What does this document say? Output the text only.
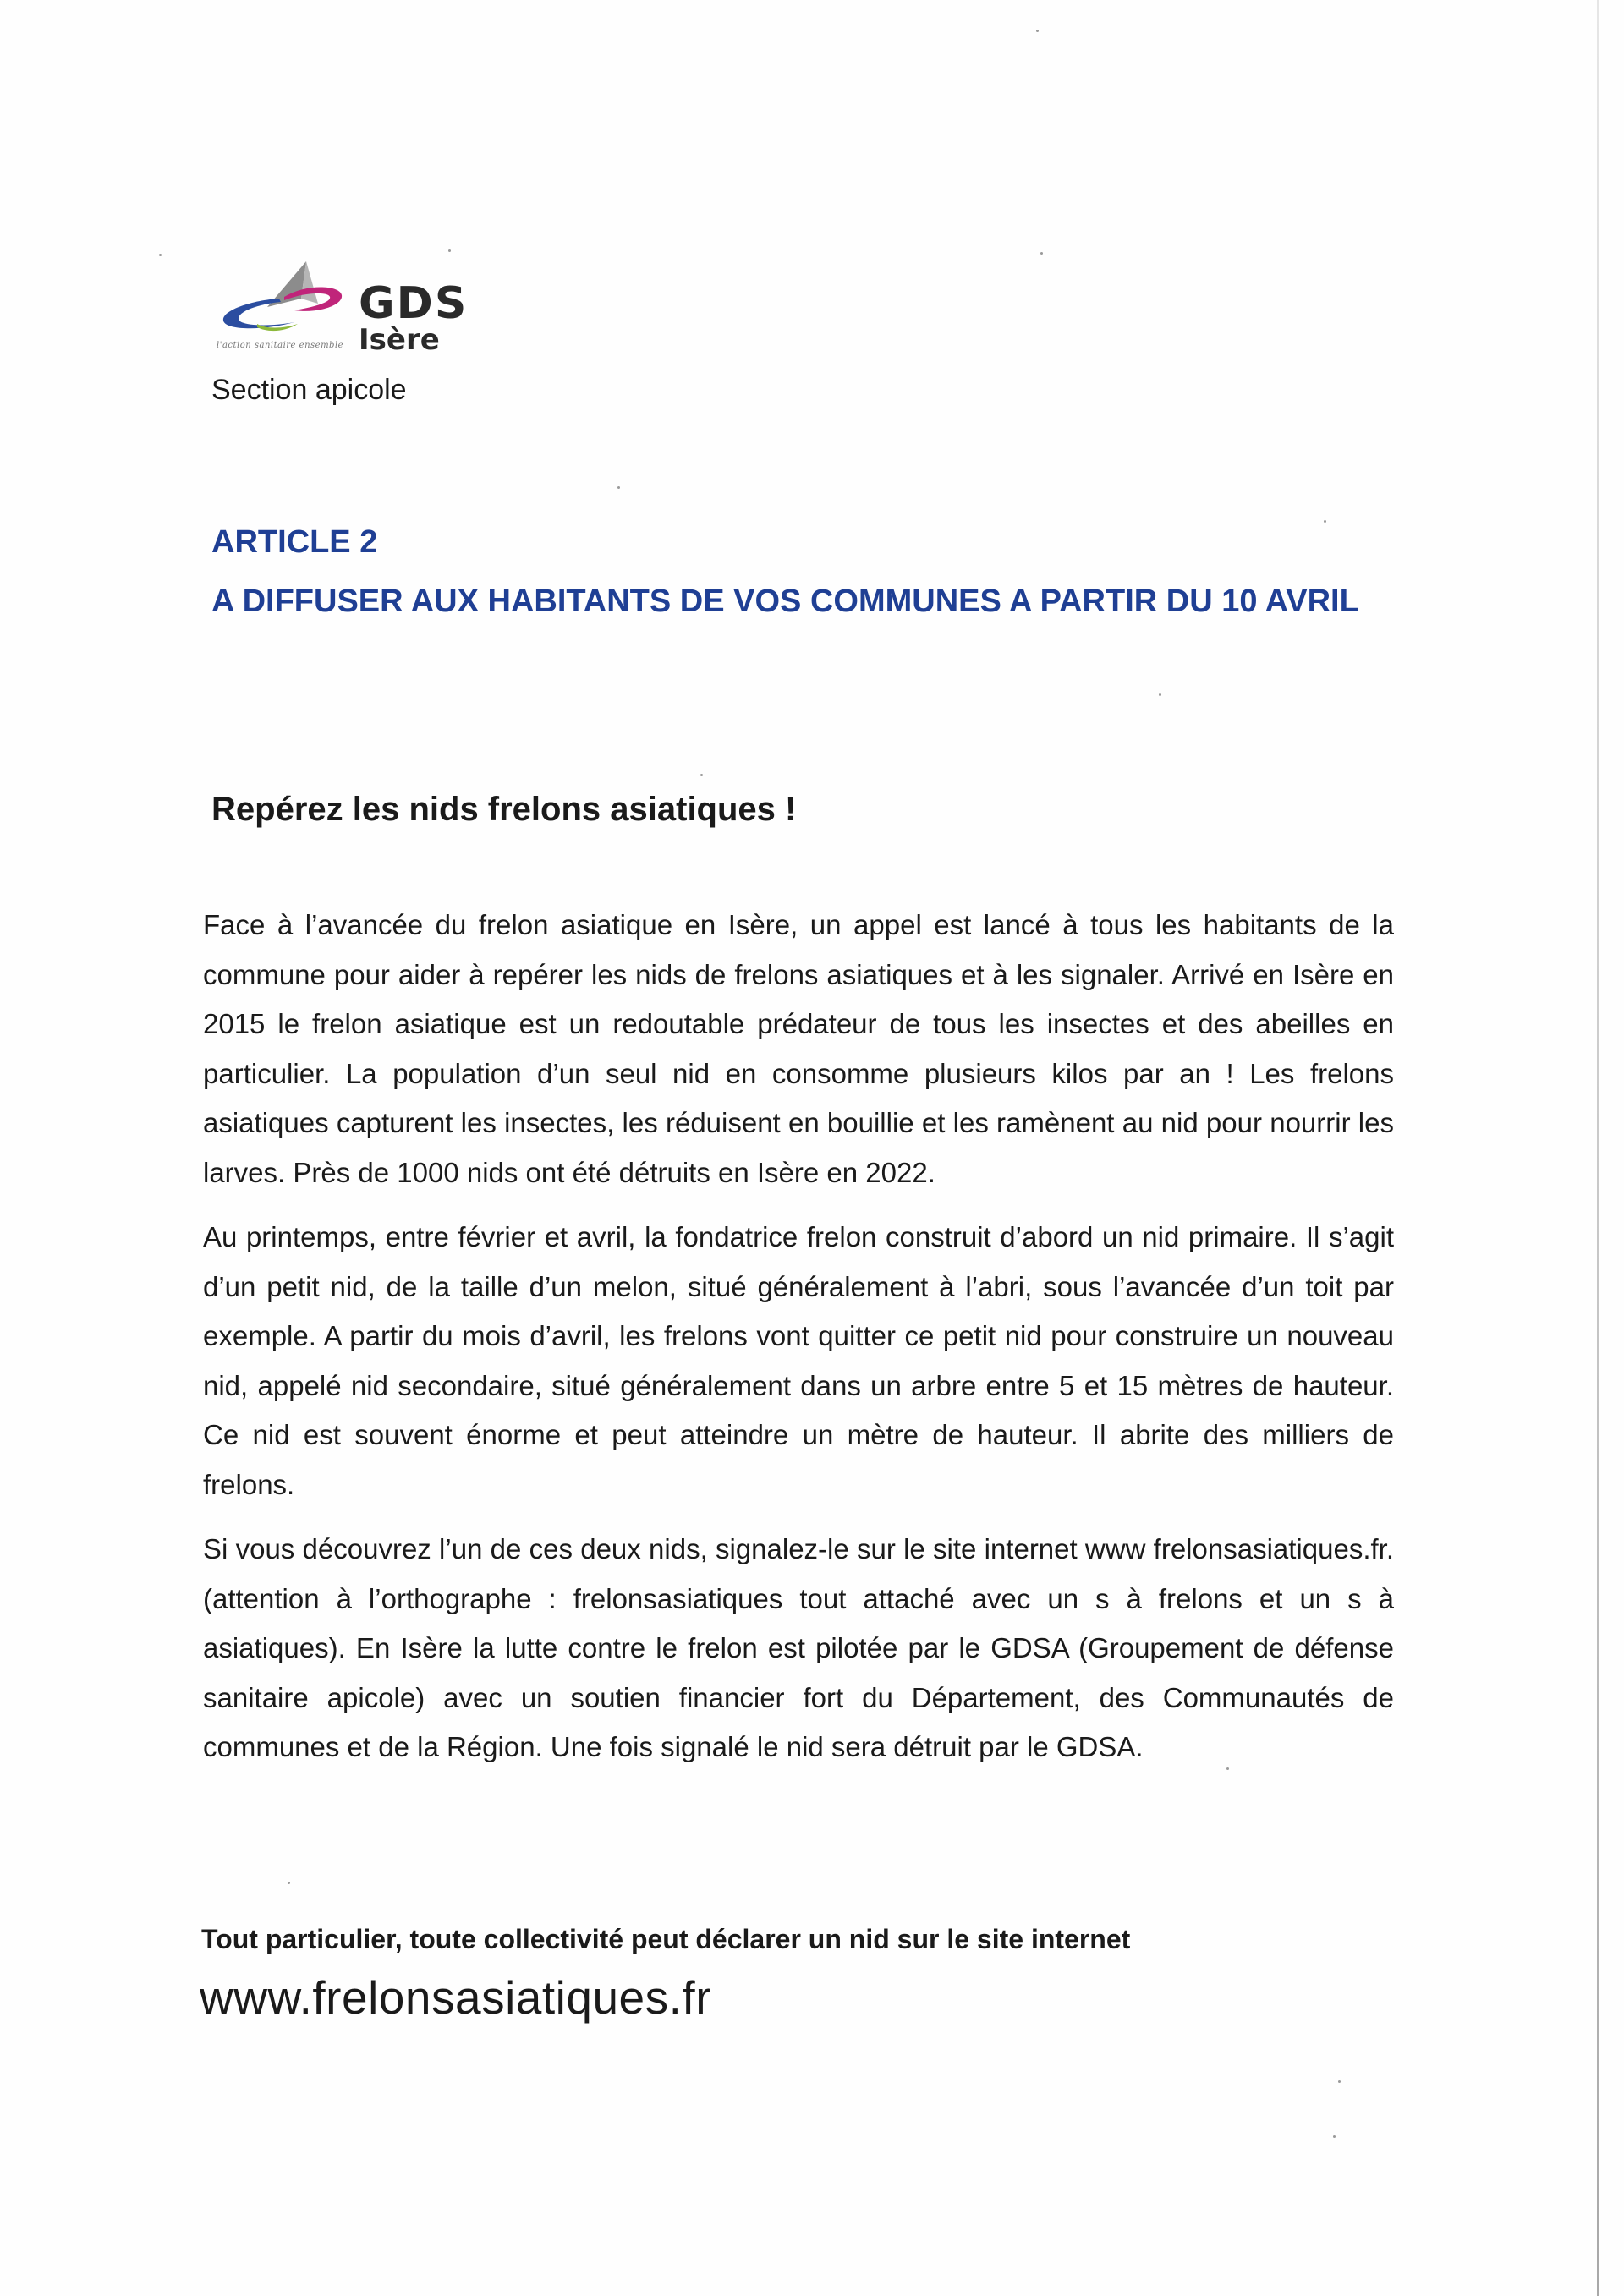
GDS
Isère
l'action sanitaire ensemble
Section apicole
ARTICLE 2
A DIFFUSER AUX HABITANTS DE VOS COMMUNES A PARTIR DU 10 AVRIL
Repérez les nids frelons asiatiques !

Face à l’avancée du frelon asiatique en Isère, un appel est lancé à tous les habitants de la commune pour aider à repérer les nids de frelons asiatiques et à les signaler. Arrivé en Isère en 2015 le frelon asiatique est un redoutable prédateur de tous les insectes et des abeilles en particulier. La population d’un seul nid en consomme plusieurs kilos par an ! Les frelons asiatiques capturent les insectes, les réduisent en bouillie et les ramènent au nid pour nourrir les larves. Près de 1000 nids ont été détruits en Isère en 2022.

Au printemps, entre février et avril, la fondatrice frelon construit d’abord un nid primaire. Il s’agit d’un petit nid, de la taille d’un melon, situé généralement à l’abri, sous l’avancée d’un toit par exemple. A partir du mois d’avril, les frelons vont quitter ce petit nid pour construire un nouveau nid, appelé nid secondaire, situé généralement dans un arbre entre 5 et 15 mètres de hauteur. Ce nid est souvent énorme et peut atteindre un mètre de hauteur. Il abrite des milliers de frelons.

Si vous découvrez l’un de ces deux nids, signalez-le sur le site internet www frelonsasiatiques.fr. (attention à l’orthographe : frelonsasiatiques tout attaché avec un s à frelons et un s à asiatiques). En Isère la lutte contre le frelon est pilotée par le GDSA (Groupement de défense sanitaire apicole) avec un soutien financier fort du Département, des Communautés de communes et de la Région. Une fois signalé le nid sera détruit par le GDSA.

Tout particulier, toute collectivité peut déclarer un nid sur le site internet
www.frelonsasiatiques.fr
